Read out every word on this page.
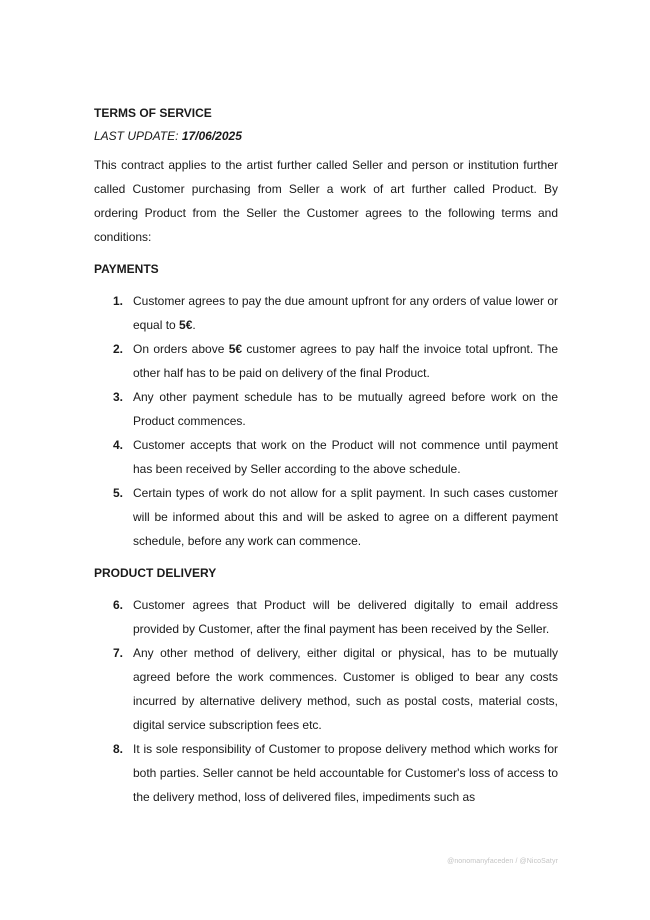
TERMS OF SERVICE

LAST UPDATE: 17/06/2025

This contract applies to the artist further called Seller and person or institution further called Customer purchasing from Seller a work of art further called Product. By ordering Product from the Seller the Customer agrees to the following terms and conditions:

PAYMENTS

1. Customer agrees to pay the due amount upfront for any orders of value lower or equal to 5€.
2. On orders above 5€ customer agrees to pay half the invoice total upfront. The other half has to be paid on delivery of the final Product.
3. Any other payment schedule has to be mutually agreed before work on the Product commences.
4. Customer accepts that work on the Product will not commence until payment has been received by Seller according to the above schedule.
5. Certain types of work do not allow for a split payment. In such cases customer will be informed about this and will be asked to agree on a different payment schedule, before any work can commence.

PRODUCT DELIVERY

6. Customer agrees that Product will be delivered digitally to email address provided by Customer, after the final payment has been received by the Seller.
7. Any other method of delivery, either digital or physical, has to be mutually agreed before the work commences. Customer is obliged to bear any costs incurred by alternative delivery method, such as postal costs, material costs, digital service subscription fees etc.
8. It is sole responsibility of Customer to propose delivery method which works for both parties. Seller cannot be held accountable for Customer's loss of access to the delivery method, loss of delivered files, impediments such as
@nonomanyfaceden / @NicoSatyr
